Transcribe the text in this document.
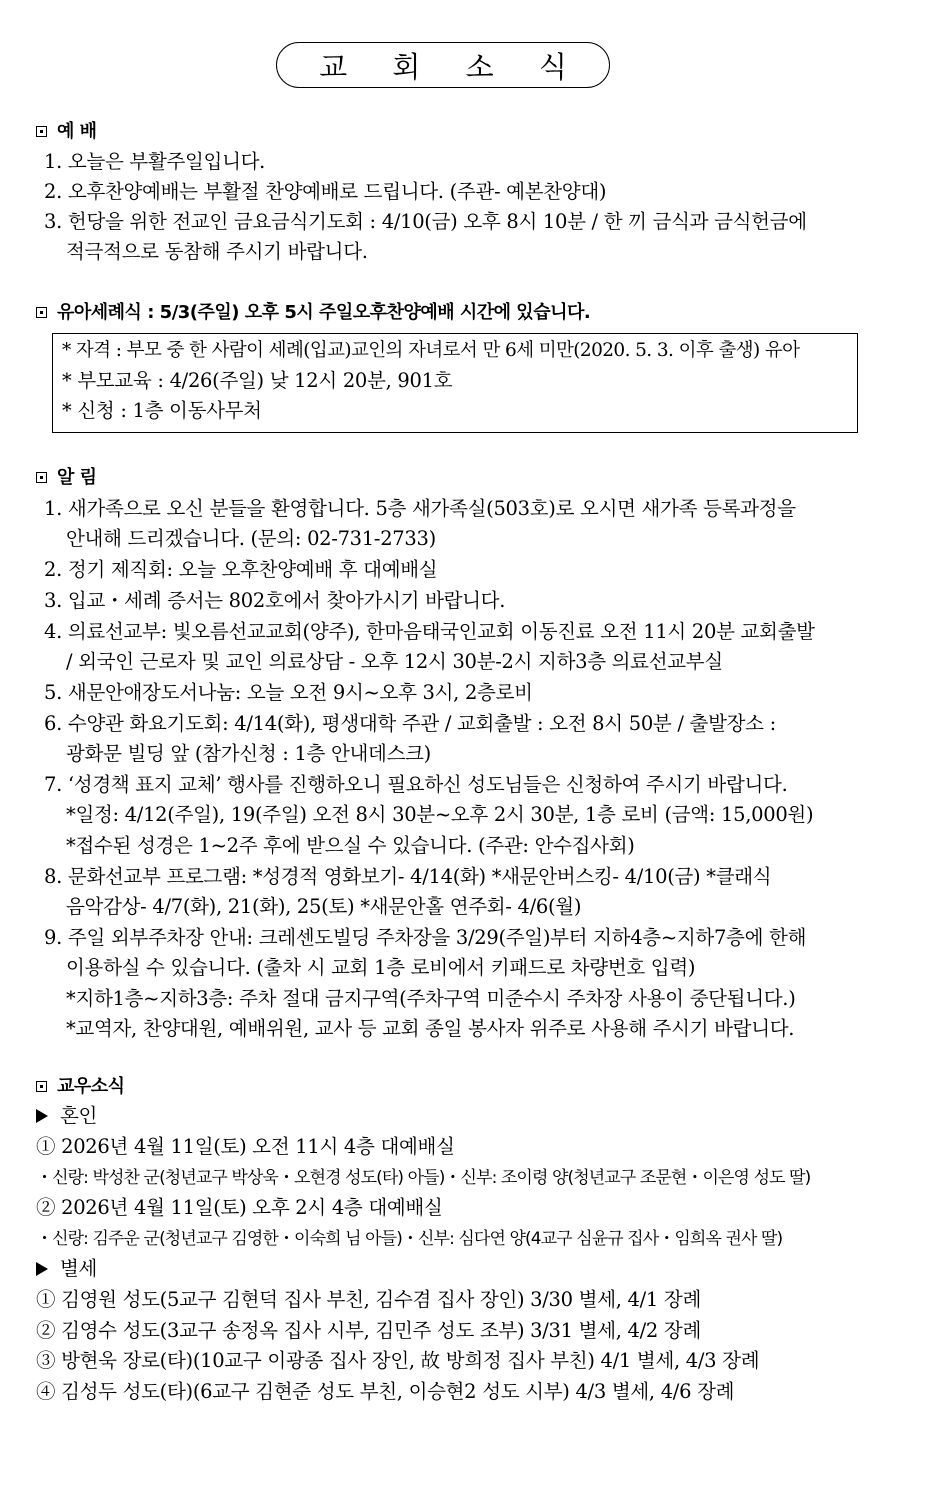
교 회 소 식
예 배
1. 오늘은 부활주일입니다.
2. 오후찬양예배는 부활절 찬양예배로 드립니다. (주관- 예본찬양대)
3. 헌당을 위한 전교인 금요금식기도회 : 4/10(금) 오후 8시 10분 / 한 끼 금식과 금식헌금에
적극적으로 동참해 주시기 바랍니다.
유아세례식 : 5/3(주일) 오후 5시 주일오후찬양예배 시간에 있습니다.
* 자격 : 부모 중 한 사람이 세례(입교)교인의 자녀로서 만 6세 미만(2020. 5. 3. 이후 출생) 유아
* 부모교육 : 4/26(주일) 낮 12시 20분, 901호
* 신청 : 1층 이동사무처
알 림
1. 새가족으로 오신 분들을 환영합니다. 5층 새가족실(503호)로 오시면 새가족 등록과정을
안내해 드리겠습니다. (문의: 02-731-2733)
2. 정기 제직회: 오늘 오후찬양예배 후 대예배실
3. 입교・세례 증서는 802호에서 찾아가시기 바랍니다.
4. 의료선교부: 빛오름선교교회(양주), 한마음태국인교회 이동진료 오전 11시 20분 교회출발
/ 외국인 근로자 및 교인 의료상담 - 오후 12시 30분-2시 지하3층 의료선교부실
5. 새문안애장도서나눔: 오늘 오전 9시~오후 3시, 2층로비
6. 수양관 화요기도회: 4/14(화), 평생대학 주관 / 교회출발 : 오전 8시 50분 / 출발장소 :
광화문 빌딩 앞 (참가신청 : 1층 안내데스크)
7. ‘성경책 표지 교체’ 행사를 진행하오니 필요하신 성도님들은 신청하여 주시기 바랍니다.
*일정: 4/12(주일), 19(주일) 오전 8시 30분~오후 2시 30분, 1층 로비 (금액: 15,000원)
*접수된 성경은 1~2주 후에 받으실 수 있습니다. (주관: 안수집사회)
8. 문화선교부 프로그램: *성경적 영화보기- 4/14(화) *새문안버스킹- 4/10(금) *클래식
음악감상- 4/7(화), 21(화), 25(토) *새문안홀 연주회- 4/6(월)
9. 주일 외부주차장 안내: 크레센도빌딩 주차장을 3/29(주일)부터 지하4층~지하7층에 한해
이용하실 수 있습니다. (출차 시 교회 1층 로비에서 키패드로 차량번호 입력)
*지하1층~지하3층: 주차 절대 금지구역(주차구역 미준수시 주차장 사용이 중단됩니다.)
*교역자, 찬양대원, 예배위원, 교사 등 교회 종일 봉사자 위주로 사용해 주시기 바랍니다.
교우소식
혼인
① 2026년 4월 11일(토) 오전 11시 4층 대예배실
・신랑: 박성찬 군(청년교구 박상욱・오현경 성도(타) 아들)・신부: 조이령 양(청년교구 조문현・이은영 성도 딸)
② 2026년 4월 11일(토) 오후 2시 4층 대예배실
・신랑: 김주운 군(청년교구 김영한・이숙희 님 아들)・신부: 심다연 양(4교구 심윤규 집사・임희옥 권사 딸)
별세
① 김영원 성도(5교구 김현덕 집사 부친, 김수겸 집사 장인) 3/30 별세, 4/1 장례
② 김영수 성도(3교구 송정옥 집사 시부, 김민주 성도 조부) 3/31 별세, 4/2 장례
③ 방현욱 장로(타)(10교구 이광종 집사 장인, 故 방희정 집사 부친) 4/1 별세, 4/3 장례
④ 김성두 성도(타)(6교구 김현준 성도 부친, 이승현2 성도 시부) 4/3 별세, 4/6 장례
